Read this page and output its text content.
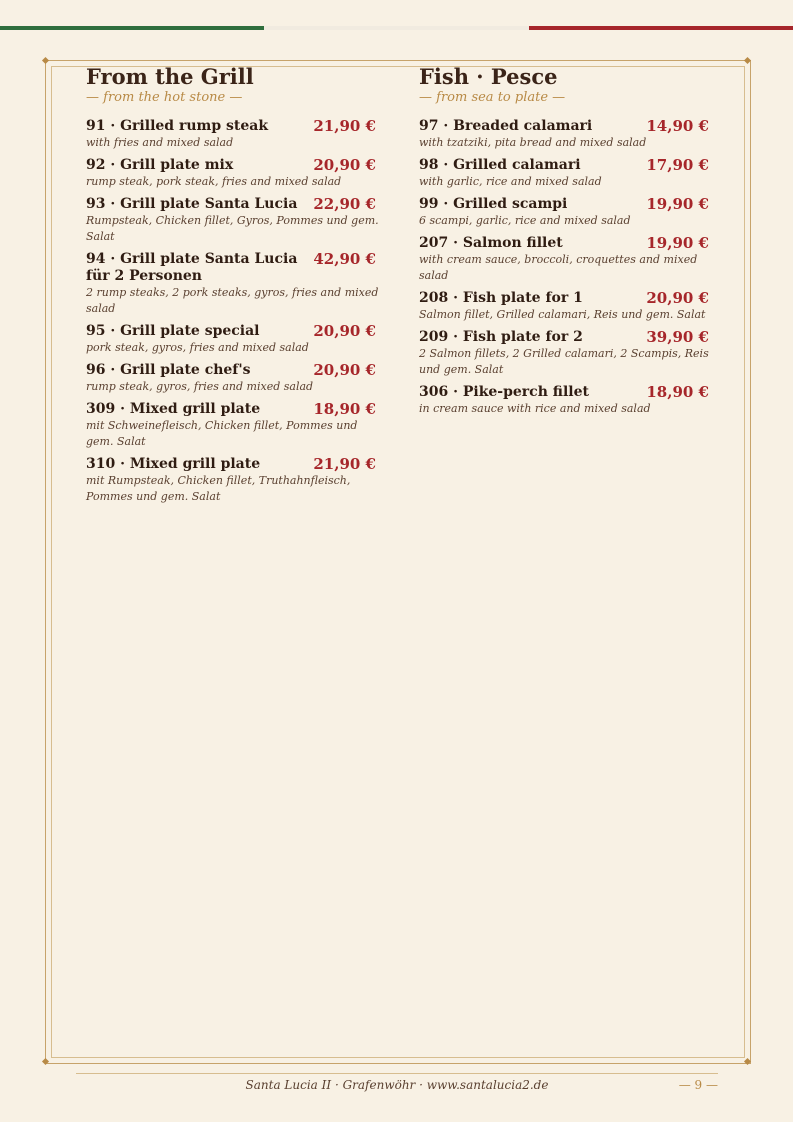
From the Grill
— from the hot stone —
91 · Grilled rump steak	21,90 €
with fries and mixed salad
92 · Grill plate mix	20,90 €
rump steak, pork steak, fries and mixed salad
93 · Grill plate Santa Lucia	22,90 €
Rumpsteak, Chicken fillet, Gyros, Pommes und gem. Salat
94 · Grill plate Santa Lucia für 2 Personen
42,90 €
2 rump steaks, 2 pork steaks, gyros, fries and mixed salad
95 · Grill plate special	20,90 €
pork steak, gyros, fries and mixed salad
96 · Grill plate chef's	20,90 €
rump steak, gyros, fries and mixed salad
309 · Mixed grill plate	18,90 €
mit Schweinefleisch, Chicken fillet, Pommes und gem. Salat
310 · Mixed grill plate	21,90 €
mit Rumpsteak, Chicken fillet, Truthahnfleisch, Pommes und gem. Salat
Fish · Pesce
— from sea to plate —
97 · Breaded calamari	14,90 €
with tzatziki, pita bread and mixed salad
98 · Grilled calamari	17,90 €
with garlic, rice and mixed salad
99 · Grilled scampi	19,90 €
6 scampi, garlic, rice and mixed salad
207 · Salmon fillet	19,90 €
with cream sauce, broccoli, croquettes and mixed salad
208 · Fish plate for 1	20,90 €
Salmon fillet, Grilled calamari, Reis und gem. Salat
209 · Fish plate for 2	39,90 €
2 Salmon fillets, 2 Grilled calamari, 2 Scampis, Reis und gem. Salat
306 · Pike-perch fillet	18,90 €
in cream sauce with rice and mixed salad
Santa Lucia II · Grafenwöhr · www.santalucia2.de	— 9 —
